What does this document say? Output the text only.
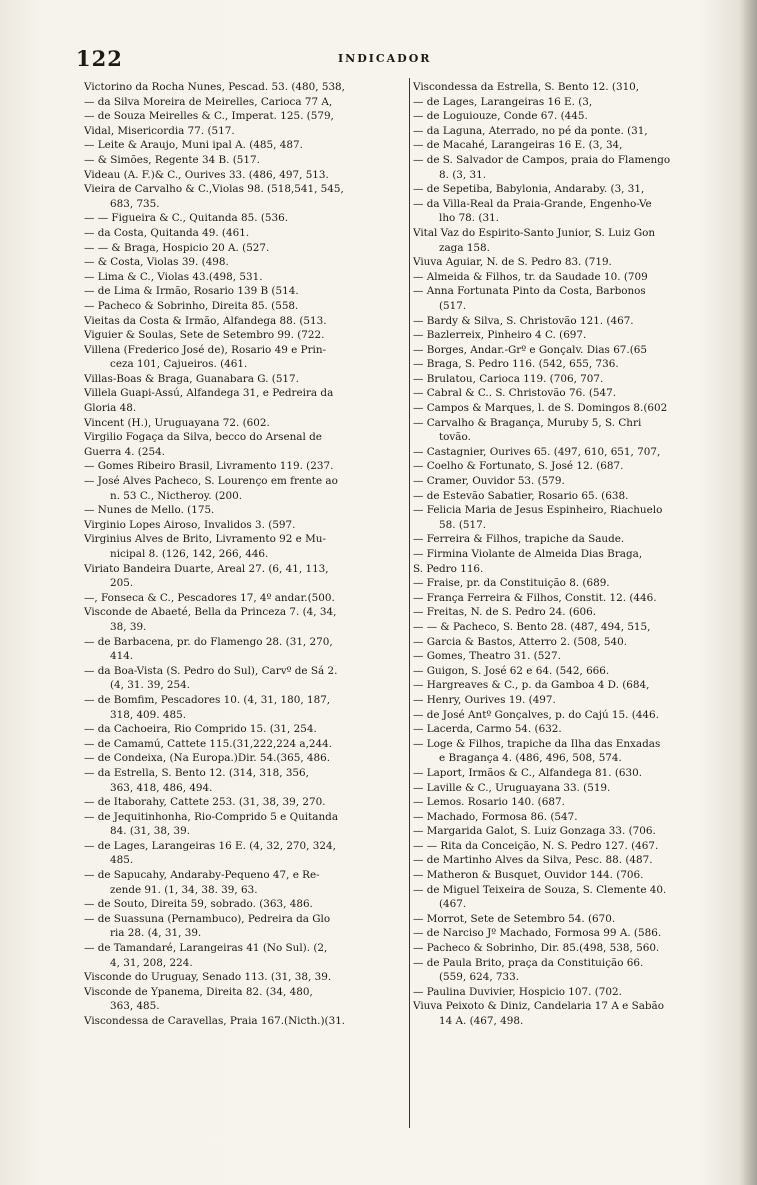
122	INDICADOR
Victorino da Rocha Nunes, Pescad. 53. (480, 538,
— da Silva Moreira de Meirelles, Carioca 77 A,
— de Souza Meirelles & C., Imperat. 125. (579,
Vidal, Misericordia 77. (517.
— Leite & Araujo, Muni ipal A. (485, 487.
— & Simões, Regente 34 B. (517.
Videau (A. F.)& C., Ourives 33. (486, 497, 513.
Vieira de Carvalho & C.,Violas 98. (518,541, 545,
683, 735.
— — Figueira & C., Quitanda 85. (536.
— da Costa, Quitanda 49. (461.
— — & Braga, Hospicio 20 A. (527.
— & Costa, Violas 39. (498.
— Lima & C., Violas 43.(498, 531.
— de Lima & Irmão, Rosario 139 B (514.
— Pacheco & Sobrinho, Direita 85. (558.
Vieitas da Costa & Irmão, Alfandega 88. (513.
Viguier & Soulas, Sete de Setembro 99. (722.
Villena (Frederico José de), Rosario 49 e Prin-
ceza 101, Cajueiros. (461.
Villas-Boas & Braga, Guanabara G. (517.
Villela Guapi-Assú, Alfandega 31, e Pedreira da
Gloria 48.
Vincent (H.), Uruguayana 72. (602.
Virgilio Fogaça da Silva, becco do Arsenal de
Guerra 4. (254.
— Gomes Ribeiro Brasil, Livramento 119. (237.
— José Alves Pacheco, S. Lourenço em frente ao
n. 53 C., Nictheroy. (200.
— Nunes de Mello. (175.
Virginio Lopes Airoso, Invalidos 3. (597.
Virginius Alves de Brito, Livramento 92 e Mu-
nicipal 8. (126, 142, 266, 446.
Viriato Bandeira Duarte, Areal 27. (6, 41, 113,
205.
—, Fonseca & C., Pescadores 17, 4º andar.(500.
Visconde de Abaeté, Bella da Princeza 7. (4, 34,
38, 39.
— de Barbacena, pr. do Flamengo 28. (31, 270,
414.
— da Boa-Vista (S. Pedro do Sul), Carvº de Sá 2.
(4, 31. 39, 254.
— de Bomfim, Pescadores 10. (4, 31, 180, 187,
318, 409. 485.
— da Cachoeira, Rio Comprido 15. (31, 254.
— de Camamú, Cattete 115.(31,222,224 a,244.
— de Condeixa, (Na Europa.)Dir. 54.(365, 486.
— da Estrella, S. Bento 12. (314, 318, 356,
363, 418, 486, 494.
— de Itaborahy, Cattete 253. (31, 38, 39, 270.
— de Jequitinhonha, Rio-Comprido 5 e Quitanda
84. (31, 38, 39.
— de Lages, Larangeiras 16 E. (4, 32, 270, 324,
485.
— de Sapucahy, Andaraby-Pequeno 47, e Re-
zende 91. (1, 34, 38. 39, 63.
— de Souto, Direita 59, sobrado. (363, 486.
— de Suassuna (Pernambuco), Pedreira da Glo
ria 28. (4, 31, 39.
— de Tamandaré, Larangeiras 41 (No Sul). (2,
4, 31, 208, 224.
Visconde do Uruguay, Senado 113. (31, 38, 39.
Visconde de Ypanema, Direita 82. (34, 480,
363, 485.
Viscondessa de Caravellas, Praia 167.(Nicth.)(31.
Viscondessa da Estrella, S. Bento 12. (310,
— de Lages, Larangeiras 16 E. (3,
— de Loguiouze, Conde 67. (445.
— da Laguna, Aterrado, no pé da ponte. (31,
— de Macahé, Larangeiras 16 E. (3, 34,
— de S. Salvador de Campos, praia do Flamengo
8. (3, 31.
— de Sepetiba, Babylonia, Andaraby. (3, 31,
— da Villa-Real da Praia-Grande, Engenho-Ve
lho 78. (31.
Vital Vaz do Espirito-Santo Junior, S. Luiz Gon
zaga 158.
Viuva Aguiar, N. de S. Pedro 83. (719.
— Almeida & Filhos, tr. da Saudade 10. (709
— Anna Fortunata Pinto da Costa, Barbonos
(517.
— Bardy & Silva, S. Christovão 121. (467.
— Bazlerreix, Pinheiro 4 C. (697.
— Borges, Andar.-Grº e Gonçalv. Dias 67.(65
— Braga, S. Pedro 116. (542, 655, 736.
— Brulatou, Carioca 119. (706, 707.
— Cabral & C.. S. Christovão 76. (547.
— Campos & Marques, l. de S. Domingos 8.(602
— Carvalho & Bragança, Muruby 5, S. Chri
tovão.
— Castagnier, Ourives 65. (497, 610, 651, 707,
— Coelho & Fortunato, S. José 12. (687.
— Cramer, Ouvidor 53. (579.
— de Estevão Sabatier, Rosario 65. (638.
— Felicia Maria de Jesus Espinheiro, Riachuelo
58. (517.
— Ferreira & Filhos, trapiche da Saude.
— Firmina Violante de Almeida Dias Braga,
S. Pedro 116.
— Fraise, pr. da Constituição 8. (689.
— França Ferreira & Filhos, Constit. 12. (446.
— Freitas, N. de S. Pedro 24. (606.
— — & Pacheco, S. Bento 28. (487, 494, 515,
— Garcia & Bastos, Atterro 2. (508, 540.
— Gomes, Theatro 31. (527.
— Guigon, S. José 62 e 64. (542, 666.
— Hargreaves & C., p. da Gamboa 4 D. (684,
— Henry, Ourives 19. (497.
— de José Antº Gonçalves, p. do Cajú 15. (446.
— Lacerda, Carmo 54. (632.
— Loge & Filhos, trapiche da Ilha das Enxadas
e Bragança 4. (486, 496, 508, 574.
— Laport, Irmãos & C., Alfandega 81. (630.
— Laville & C., Uruguayana 33. (519.
— Lemos. Rosario 140. (687.
— Machado, Formosa 86. (547.
— Margarida Galot, S. Luiz Gonzaga 33. (706.
— — Rita da Conceição, N. S. Pedro 127. (467.
— de Martinho Alves da Silva, Pesc. 88. (487.
— Matheron & Busquet, Ouvidor 144. (706.
— de Miguel Teixeira de Souza, S. Clemente 40.
(467.
— Morrot, Sete de Setembro 54. (670.
— de Narciso Jº Machado, Formosa 99 A. (586.
— Pacheco & Sobrinho, Dir. 85.(498, 538, 560.
— de Paula Brito, praça da Constituição 66.
(559, 624, 733.
— Paulina Duvivier, Hospicio 107. (702.
Viuva Peixoto & Diniz, Candelaria 17 A e Sabão
14 A. (467, 498.
